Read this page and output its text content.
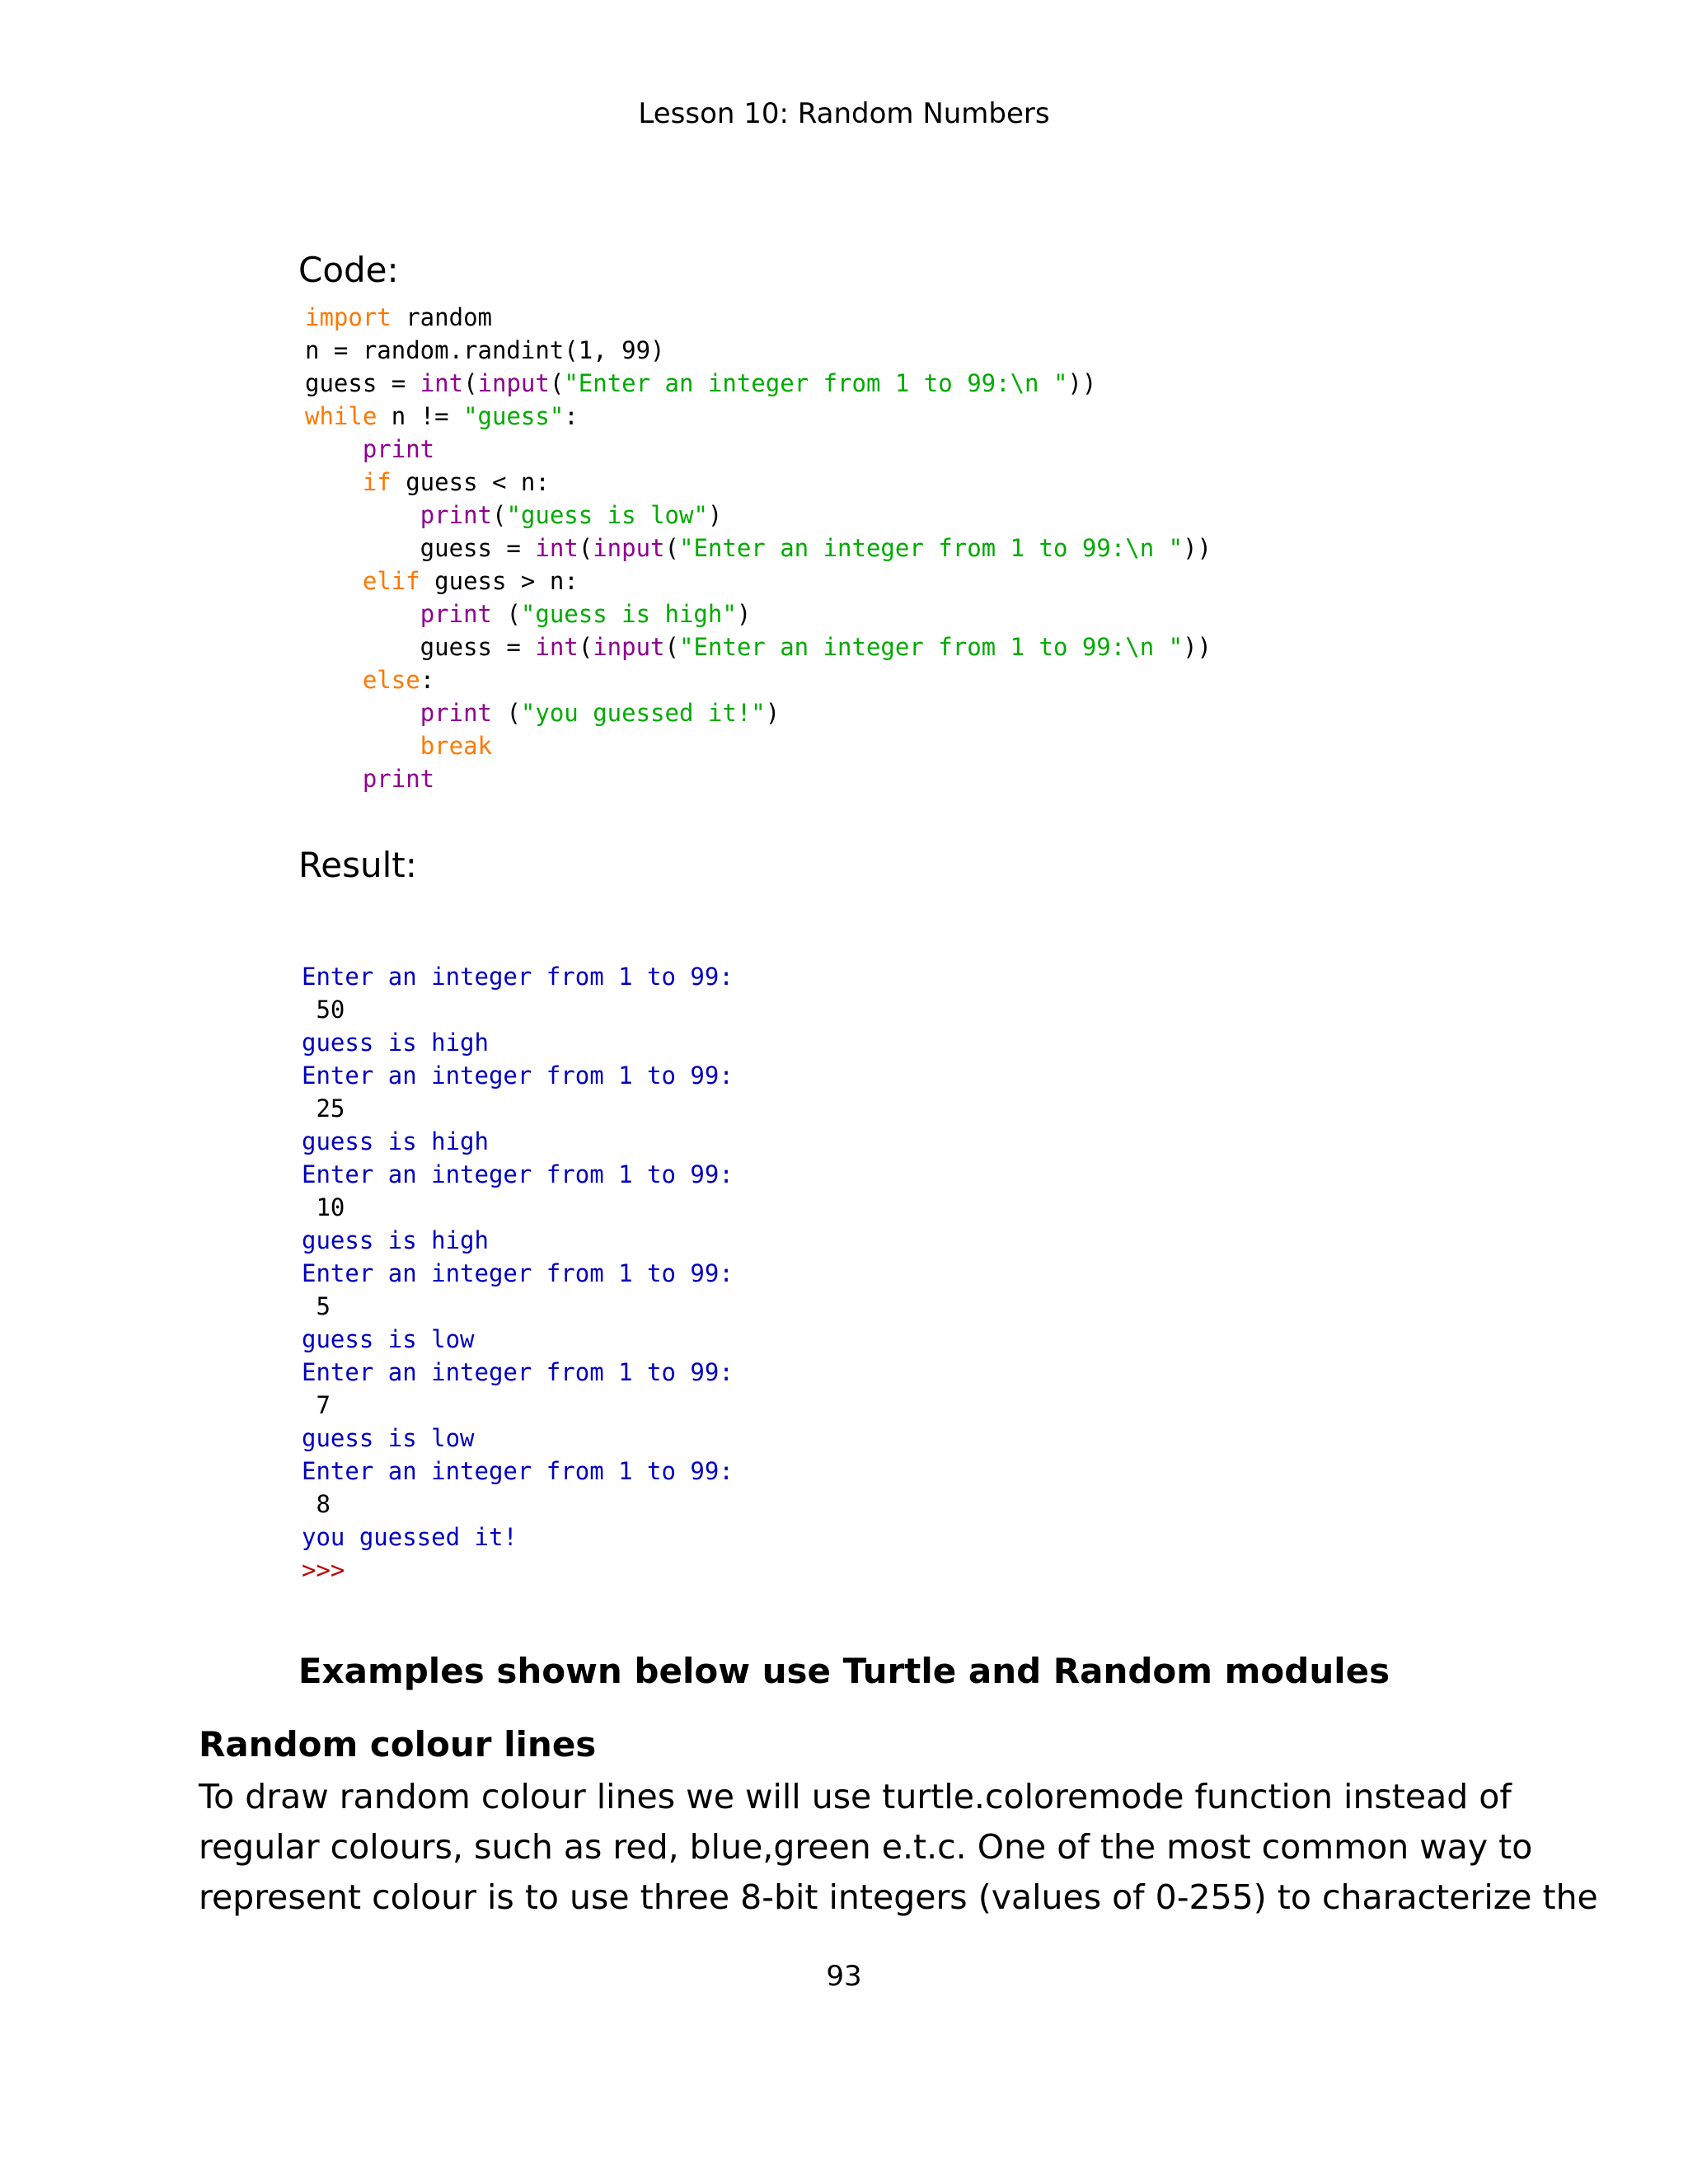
Lesson 10: Random Numbers
Code:
import random
n = random.randint(1, 99)
guess = int(input("Enter an integer from 1 to 99:\n "))
while n != "guess":
print
if guess < n:
print("guess is low")
guess = int(input("Enter an integer from 1 to 99:\n "))
elif guess > n:
print ("guess is high")
guess = int(input("Enter an integer from 1 to 99:\n "))
else:
print ("you guessed it!")
break
print
Result:
Enter an integer from 1 to 99:
50
guess is high
Enter an integer from 1 to 99:
25
guess is high
Enter an integer from 1 to 99:
10
guess is high
Enter an integer from 1 to 99:
5
guess is low
Enter an integer from 1 to 99:
7
guess is low
Enter an integer from 1 to 99:
8
you guessed it!
>>>
Examples shown below use Turtle and Random modules
Random colour lines
To draw random colour lines we will use turtle.coloremode function instead of
regular colours, such as red, blue,green e.t.c. One of the most common way to
represent colour is to use three 8-bit integers (values of 0-255) to characterize the
93
